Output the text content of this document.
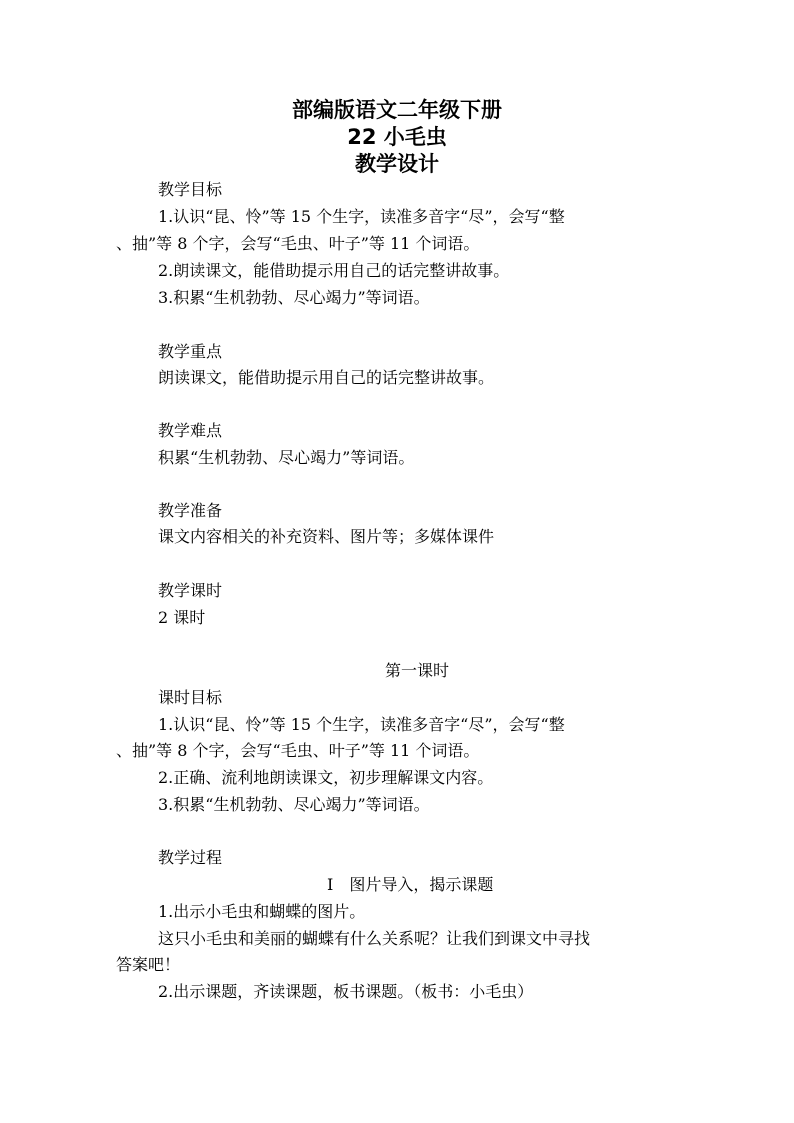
部编版语文二年级下册
22 小毛虫
教学设计
教学目标
1.认识“昆、怜”等 15 个生字，读准多音字“尽”，会写“整
、抽”等 8 个字，会写“毛虫、叶子”等 11 个词语。
2.朗读课文，能借助提示用自己的话完整讲故事。
3.积累“生机勃勃、尽心竭力”等词语。
教学重点
朗读课文，能借助提示用自己的话完整讲故事。
教学难点
积累“生机勃勃、尽心竭力”等词语。
教学准备
课文内容相关的补充资料、图片等；多媒体课件
教学课时
2 课时
第一课时
课时目标
1.认识“昆、怜”等 15 个生字，读准多音字“尽”，会写“整
、抽”等 8 个字，会写“毛虫、叶子”等 11 个词语。
2.正确、流利地朗读课文，初步理解课文内容。
3.积累“生机勃勃、尽心竭力”等词语。
教学过程
Ⅰ　图片导入，揭示课题
1.出示小毛虫和蝴蝶的图片。
这只小毛虫和美丽的蝴蝶有什么关系呢？让我们到课文中寻找
答案吧！
2.出示课题，齐读课题，板书课题。（板书：小毛虫）
